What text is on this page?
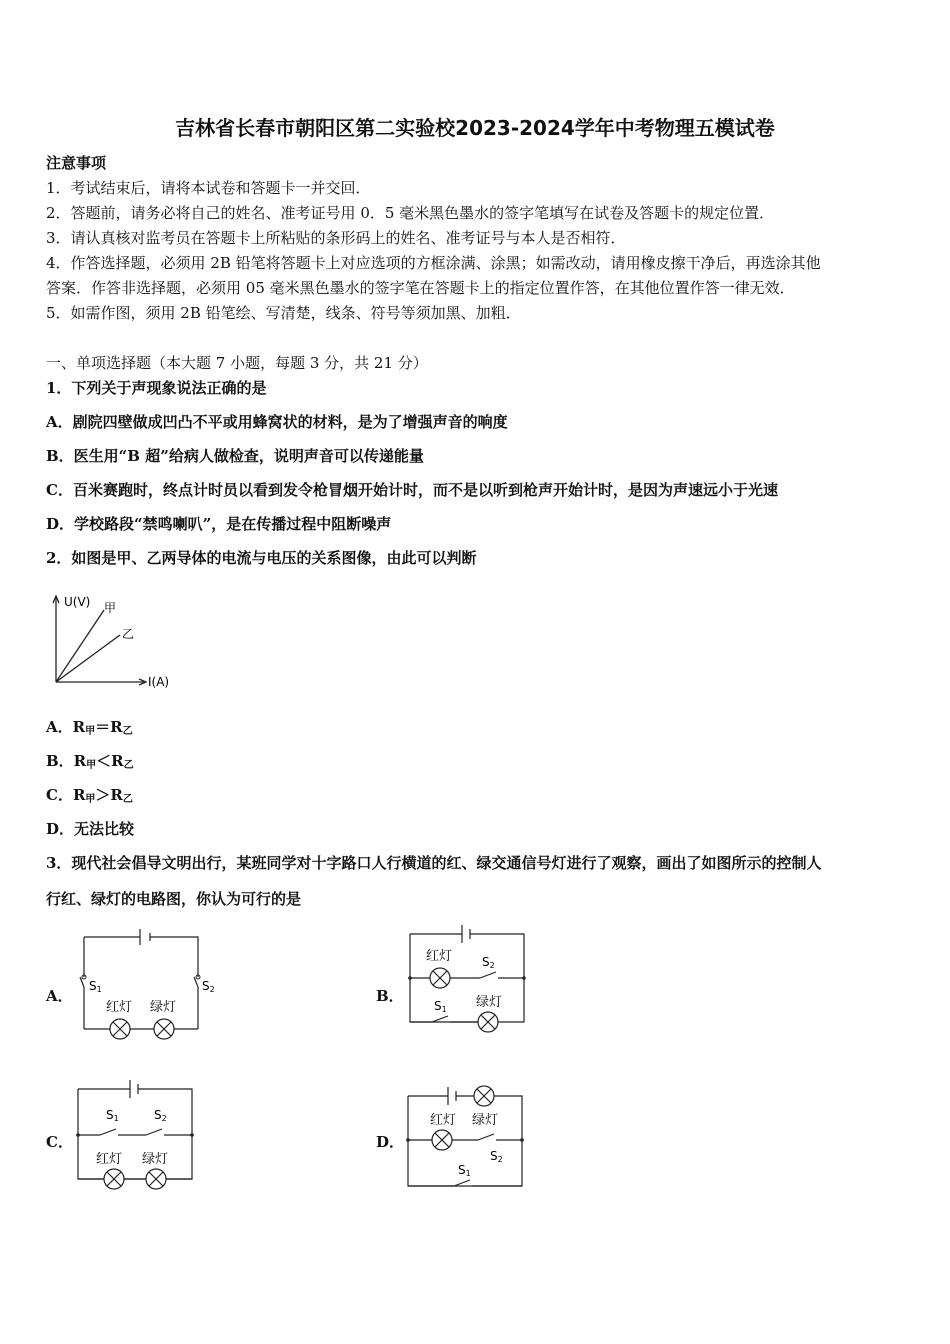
吉林省长春市朝阳区第二实验校2023-2024学年中考物理五模试卷
注意事项
1．考试结束后，请将本试卷和答题卡一并交回．
2．答题前，请务必将自己的姓名、准考证号用 0．5 毫米黑色墨水的签字笔填写在试卷及答题卡的规定位置．
3．请认真核对监考员在答题卡上所粘贴的条形码上的姓名、准考证号与本人是否相符．
4．作答选择题，必须用 2B 铅笔将答题卡上对应选项的方框涂满、涂黑；如需改动，请用橡皮擦干净后，再选涂其他
答案．作答非选择题，必须用 05 毫米黑色墨水的签字笔在答题卡上的指定位置作答，在其他位置作答一律无效．
5．如需作图，须用 2B 铅笔绘、写清楚，线条、符号等须加黑、加粗．
一、单项选择题（本大题 7 小题，每题 3 分，共 21 分）
1．下列关于声现象说法正确的是
A．剧院四壁做成凹凸不平或用蜂窝状的材料，是为了增强声音的响度
B．医生用“B 超”给病人做检查，说明声音可以传递能量
C．百米赛跑时，终点计时员以看到发令枪冒烟开始计时，而不是以听到枪声开始计时，是因为声速远小于光速
D．学校路段“禁鸣喇叭”，是在传播过程中阻断噪声
2．如图是甲、乙两导体的电流与电压的关系图像，由此可以判断
U(V)
I(A)
甲
乙
A．$R_甲=R_乙$
B．$R_甲<R_乙$
C．$R_甲>R_乙$
D．无法比较
3．现代社会倡导文明出行，某班同学对十字路口人行横道的红、绿交通信号灯进行了观察，画出了如图所示的控制人
行红、绿灯的电路图，你认为可行的是
A．	B．
C．	D．
S1	S2
红灯 绿灯
红灯 S2
S1 绿灯
S1	S2
红灯 绿灯
红灯 绿灯
S2
S1
